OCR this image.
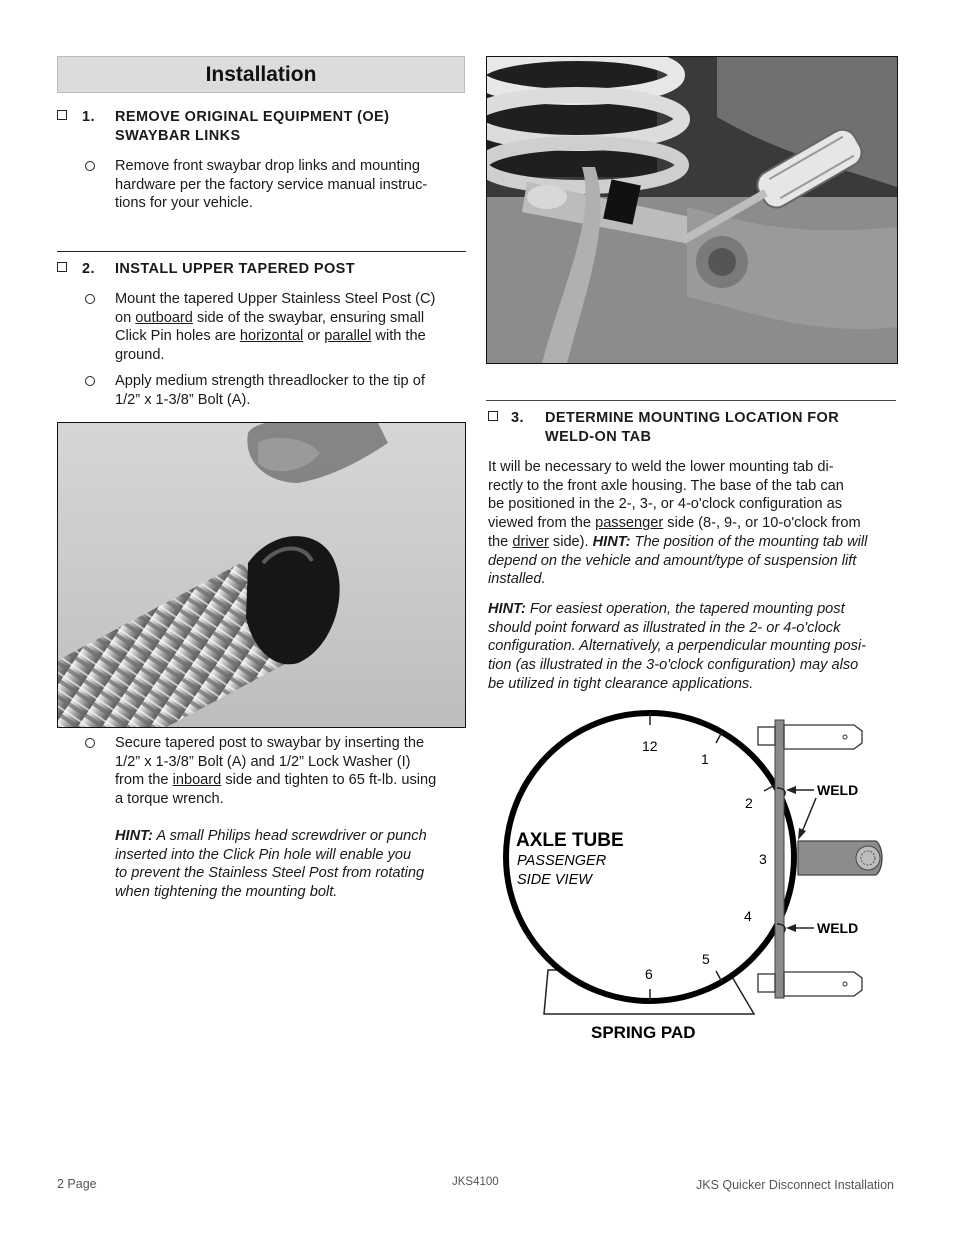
Installation
1. REMOVE ORIGINAL EQUIPMENT (OE)
SWAYBAR LINKS
Remove front swaybar drop links and mounting
hardware per the factory service manual instruc-
tions for your vehicle.
2. INSTALL UPPER TAPERED POST
Mount the tapered Upper Stainless Steel Post (C)
on outboard side of the swaybar, ensuring small
Click Pin holes are horizontal or parallel with the
ground.
Apply medium strength threadlocker to the tip of
1/2” x 1-3/8” Bolt (A).
Secure tapered post to swaybar by inserting the
1/2” x 1-3/8” Bolt (A) and 1/2” Lock Washer (I)
from the inboard side and tighten to 65 ft-lb. using
a torque wrench.
HINT: A small Philips head screwdriver or punch
inserted into the Click Pin hole will enable you
to prevent the Stainless Steel Post from rotating
when tightening the mounting bolt.
3. DETERMINE MOUNTING LOCATION FOR
WELD-ON TAB
It will be necessary to weld the lower mounting tab di-
rectly to the front axle housing. The base of the tab can
be positioned in the 2-, 3-, or 4-o'clock configuration as
viewed from the passenger side (8-, 9-, or 10-o'clock from
the driver side). HINT: The position of the mounting tab will
depend on the vehicle and amount/type of suspension lift
installed.
HINT: For easiest operation, the tapered mounting post
should point forward as illustrated in the 2- or 4-o'clock
configuration. Alternatively, a perpendicular mounting posi-
tion (as illustrated in the 3-o'clock configuration) may also
be utilized in tight clearance applications.
12
1
2
3
4
5
6
AXLE TUBE
PASSENGER
SIDE VIEW
SPRING PAD
WELD
WELD
2 Page	JKS4100	JKS Quicker Disconnect Installation
